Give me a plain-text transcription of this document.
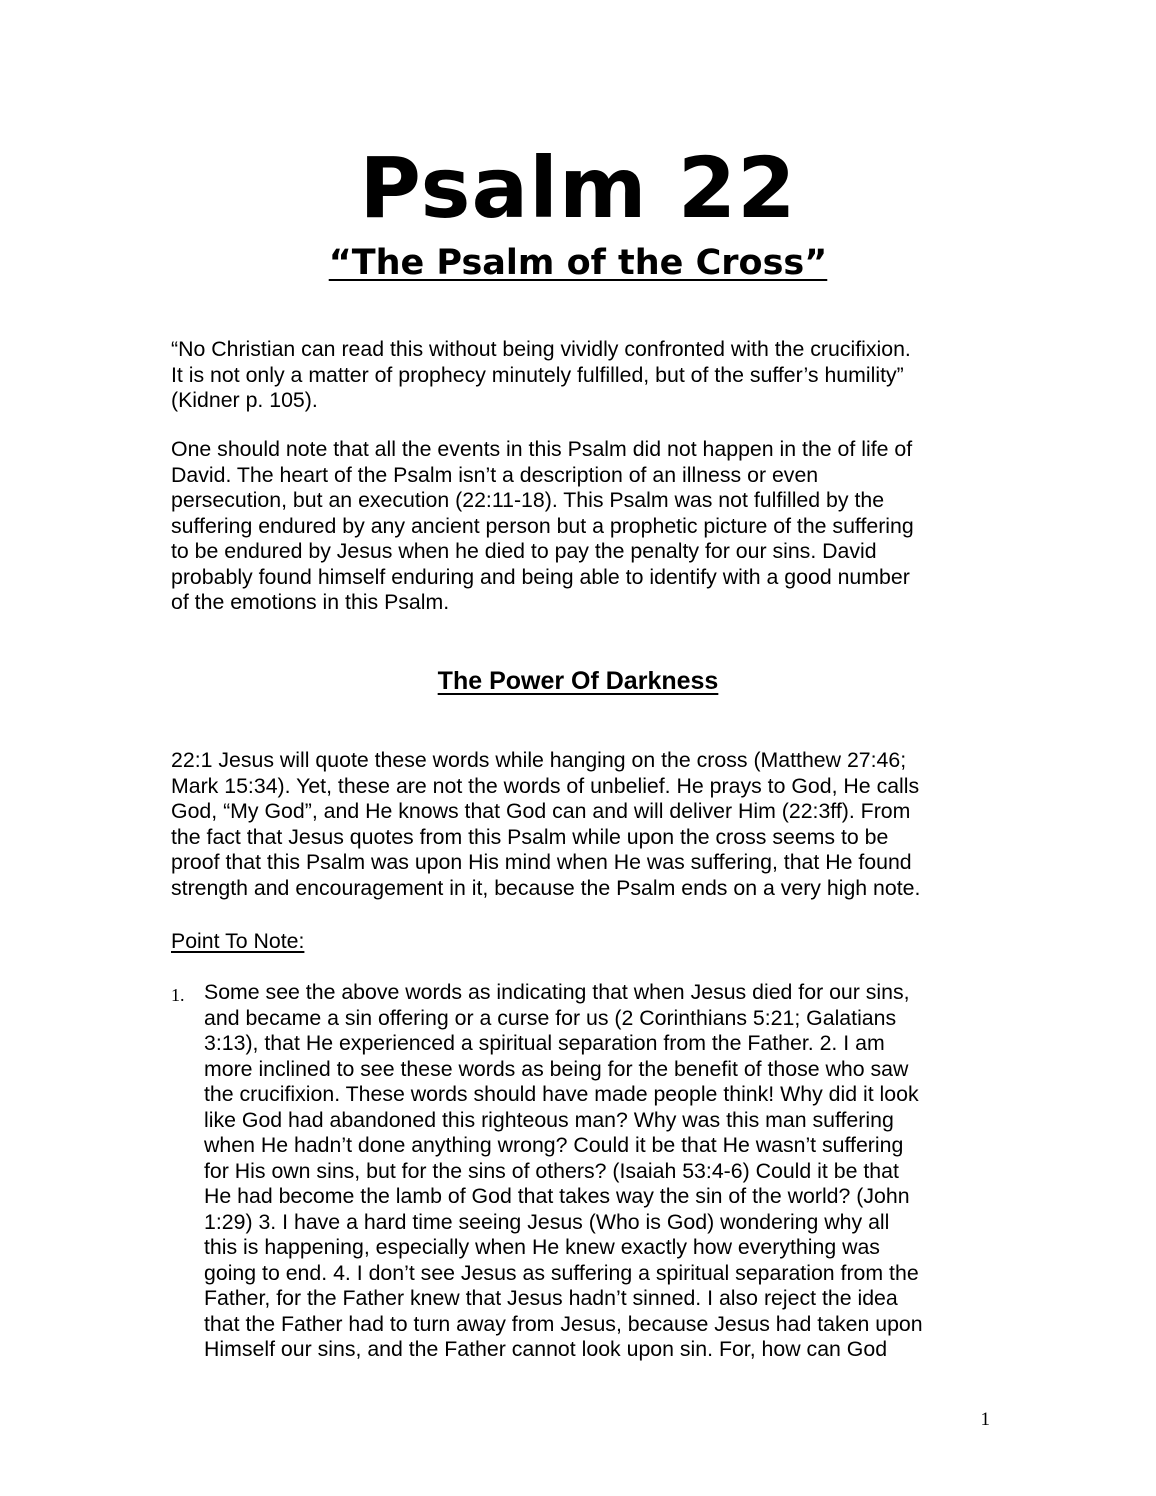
Psalm 22
“The Psalm of the Cross”

“No Christian can read this without being vividly confronted with the crucifixion.
It is not only a matter of prophecy minutely fulfilled, but of the suffer’s humility”
(Kidner p. 105).

One should note that all the events in this Psalm did not happen in the of life of
David. The heart of the Psalm isn’t a description of an illness or even
persecution, but an execution (22:11-18). This Psalm was not fulfilled by the
suffering endured by any ancient person but a prophetic picture of the suffering
to be endured by Jesus when he died to pay the penalty for our sins. David
probably found himself enduring and being able to identify with a good number
of the emotions in this Psalm.

The Power Of Darkness

22:1 Jesus will quote these words while hanging on the cross (Matthew 27:46;
Mark 15:34). Yet, these are not the words of unbelief. He prays to God, He calls
God, “My God”, and He knows that God can and will deliver Him (22:3ff). From
the fact that Jesus quotes from this Psalm while upon the cross seems to be
proof that this Psalm was upon His mind when He was suffering, that He found
strength and encouragement in it, because the Psalm ends on a very high note.

Point To Note:

1. Some see the above words as indicating that when Jesus died for our sins,
and became a sin offering or a curse for us (2 Corinthians 5:21; Galatians
3:13), that He experienced a spiritual separation from the Father. 2. I am
more inclined to see these words as being for the benefit of those who saw
the crucifixion. These words should have made people think! Why did it look
like God had abandoned this righteous man? Why was this man suffering
when He hadn’t done anything wrong? Could it be that He wasn’t suffering
for His own sins, but for the sins of others? (Isaiah 53:4-6) Could it be that
He had become the lamb of God that takes way the sin of the world? (John
1:29) 3. I have a hard time seeing Jesus (Who is God) wondering why all
this is happening, especially when He knew exactly how everything was
going to end. 4. I don’t see Jesus as suffering a spiritual separation from the
Father, for the Father knew that Jesus hadn’t sinned. I also reject the idea
that the Father had to turn away from Jesus, because Jesus had taken upon
Himself our sins, and the Father cannot look upon sin. For, how can God

1
